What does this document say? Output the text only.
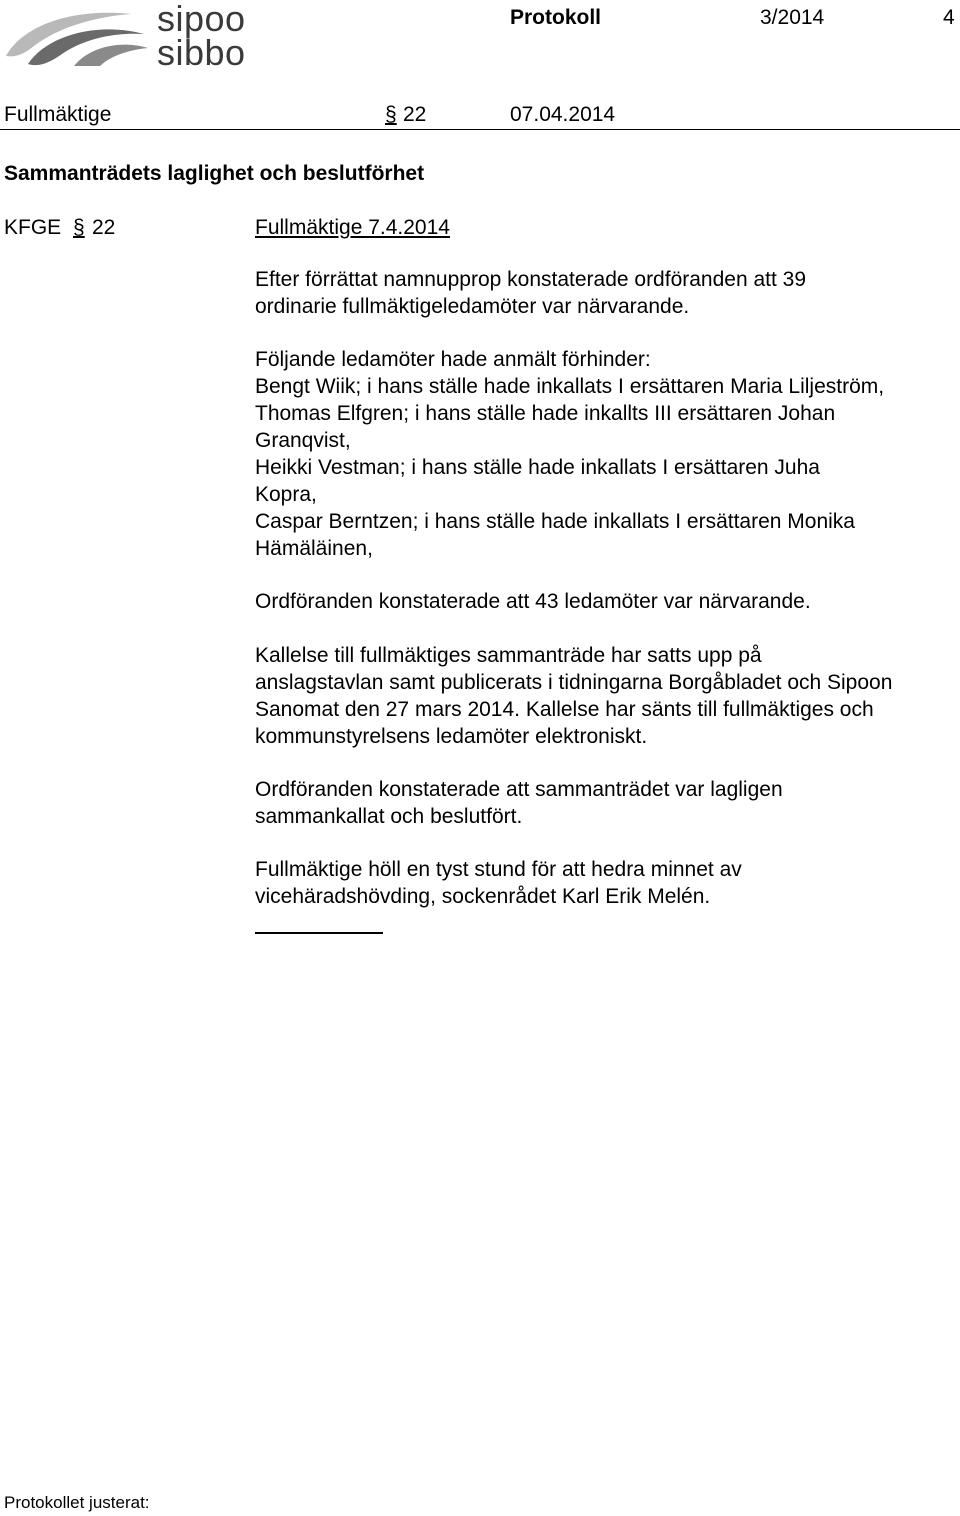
sipoo
sibbo
Protokoll	3/2014	4
Fullmäktige	§ 22	07.04.2014
Sammanträdets laglighet och beslutförhet
KFGE § 22	Fullmäktige 7.4.2014
Efter förrättat namnupprop konstaterade ordföranden att 39
ordinarie fullmäktigeledamöter var närvarande.
Följande ledamöter hade anmält förhinder:
Bengt Wiik; i hans ställe hade inkallats I ersättaren Maria Liljeström,
Thomas Elfgren; i hans ställe hade inkallts III ersättaren Johan
Granqvist,
Heikki Vestman; i hans ställe hade inkallats I ersättaren Juha
Kopra,
Caspar Berntzen; i hans ställe hade inkallats I ersättaren Monika
Hämäläinen,
Ordföranden konstaterade att 43 ledamöter var närvarande.
Kallelse till fullmäktiges sammanträde har satts upp på
anslagstavlan samt publicerats i tidningarna Borgåbladet och Sipoon
Sanomat den 27 mars 2014. Kallelse har sänts till fullmäktiges och
kommunstyrelsens ledamöter elektroniskt.
Ordföranden konstaterade att sammanträdet var lagligen
sammankallat och beslutfört.
Fullmäktige höll en tyst stund för att hedra minnet av
vicehäradshövding, sockenrådet Karl Erik Melén.
Protokollet justerat:
